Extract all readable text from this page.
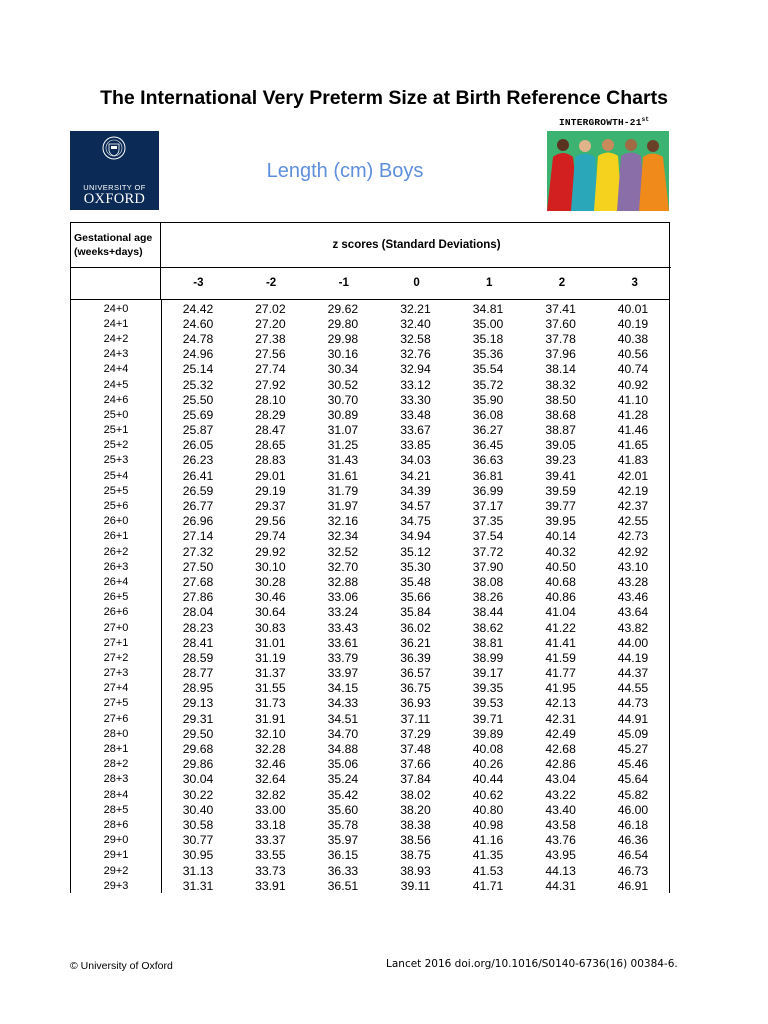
The International Very Preterm Size at Birth Reference Charts
UNIVERSITY OF
OXFORD
Length (cm) Boys
INTERGROWTH-21st
Gestational age
(weeks+days)
z scores (Standard Deviations)
-3	-2	-1	0	1	2	3
24+0	24.42	27.02	29.62	32.21	34.81	37.41	40.01
24+1	24.60	27.20	29.80	32.40	35.00	37.60	40.19
24+2	24.78	27.38	29.98	32.58	35.18	37.78	40.38
24+3	24.96	27.56	30.16	32.76	35.36	37.96	40.56
24+4	25.14	27.74	30.34	32.94	35.54	38.14	40.74
24+5	25.32	27.92	30.52	33.12	35.72	38.32	40.92
24+6	25.50	28.10	30.70	33.30	35.90	38.50	41.10
25+0	25.69	28.29	30.89	33.48	36.08	38.68	41.28
25+1	25.87	28.47	31.07	33.67	36.27	38.87	41.46
25+2	26.05	28.65	31.25	33.85	36.45	39.05	41.65
25+3	26.23	28.83	31.43	34.03	36.63	39.23	41.83
25+4	26.41	29.01	31.61	34.21	36.81	39.41	42.01
25+5	26.59	29.19	31.79	34.39	36.99	39.59	42.19
25+6	26.77	29.37	31.97	34.57	37.17	39.77	42.37
26+0	26.96	29.56	32.16	34.75	37.35	39.95	42.55
26+1	27.14	29.74	32.34	34.94	37.54	40.14	42.73
26+2	27.32	29.92	32.52	35.12	37.72	40.32	42.92
26+3	27.50	30.10	32.70	35.30	37.90	40.50	43.10
26+4	27.68	30.28	32.88	35.48	38.08	40.68	43.28
26+5	27.86	30.46	33.06	35.66	38.26	40.86	43.46
26+6	28.04	30.64	33.24	35.84	38.44	41.04	43.64
27+0	28.23	30.83	33.43	36.02	38.62	41.22	43.82
27+1	28.41	31.01	33.61	36.21	38.81	41.41	44.00
27+2	28.59	31.19	33.79	36.39	38.99	41.59	44.19
27+3	28.77	31.37	33.97	36.57	39.17	41.77	44.37
27+4	28.95	31.55	34.15	36.75	39.35	41.95	44.55
27+5	29.13	31.73	34.33	36.93	39.53	42.13	44.73
27+6	29.31	31.91	34.51	37.11	39.71	42.31	44.91
28+0	29.50	32.10	34.70	37.29	39.89	42.49	45.09
28+1	29.68	32.28	34.88	37.48	40.08	42.68	45.27
28+2	29.86	32.46	35.06	37.66	40.26	42.86	45.46
28+3	30.04	32.64	35.24	37.84	40.44	43.04	45.64
28+4	30.22	32.82	35.42	38.02	40.62	43.22	45.82
28+5	30.40	33.00	35.60	38.20	40.80	43.40	46.00
28+6	30.58	33.18	35.78	38.38	40.98	43.58	46.18
29+0	30.77	33.37	35.97	38.56	41.16	43.76	46.36
29+1	30.95	33.55	36.15	38.75	41.35	43.95	46.54
29+2	31.13	33.73	36.33	38.93	41.53	44.13	46.73
29+3	31.31	33.91	36.51	39.11	41.71	44.31	46.91
© University of Oxford	Lancet 2016 doi.org/10.1016/S0140-6736(16) 00384-6.
